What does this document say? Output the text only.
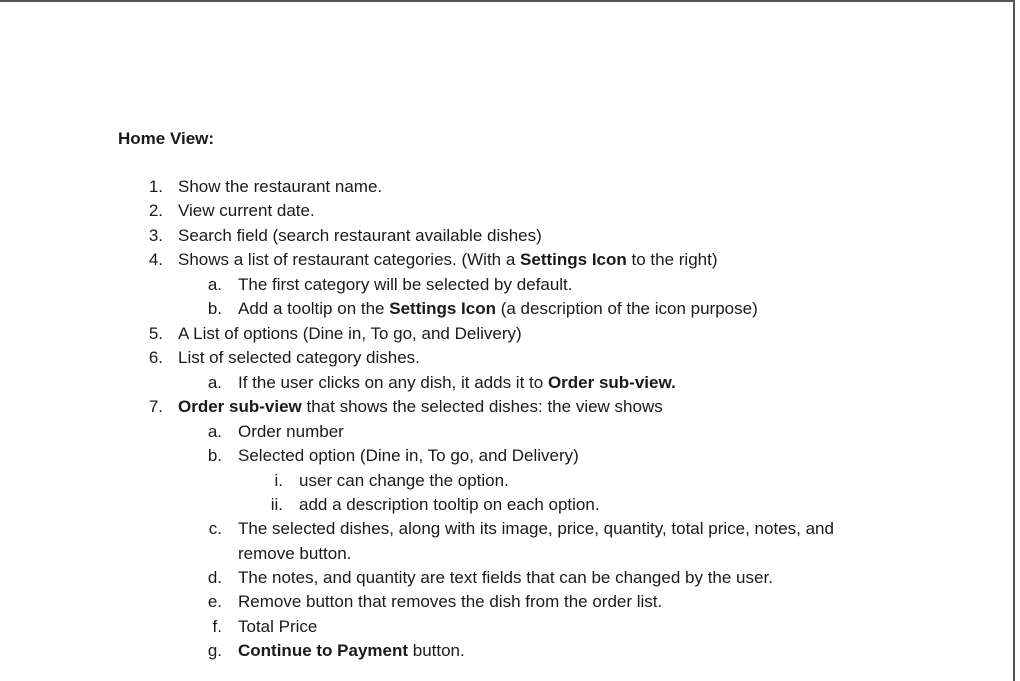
Home View:
1. Show the restaurant name.
2. View current date.
3. Search field (search restaurant available dishes)
4. Shows a list of restaurant categories. (With a Settings Icon to the right)
a. The first category will be selected by default.
b. Add a tooltip on the Settings Icon (a description of the icon purpose)
5. A List of options (Dine in, To go, and Delivery)
6. List of selected category dishes.
a. If the user clicks on any dish, it adds it to Order sub-view.
7. Order sub-view that shows the selected dishes: the view shows
a. Order number
b. Selected option (Dine in, To go, and Delivery)
i. user can change the option.
ii. add a description tooltip on each option.
c. The selected dishes, along with its image, price, quantity, total price, notes, and
remove button.
d. The notes, and quantity are text fields that can be changed by the user.
e. Remove button that removes the dish from the order list.
f. Total Price
g. Continue to Payment button.
